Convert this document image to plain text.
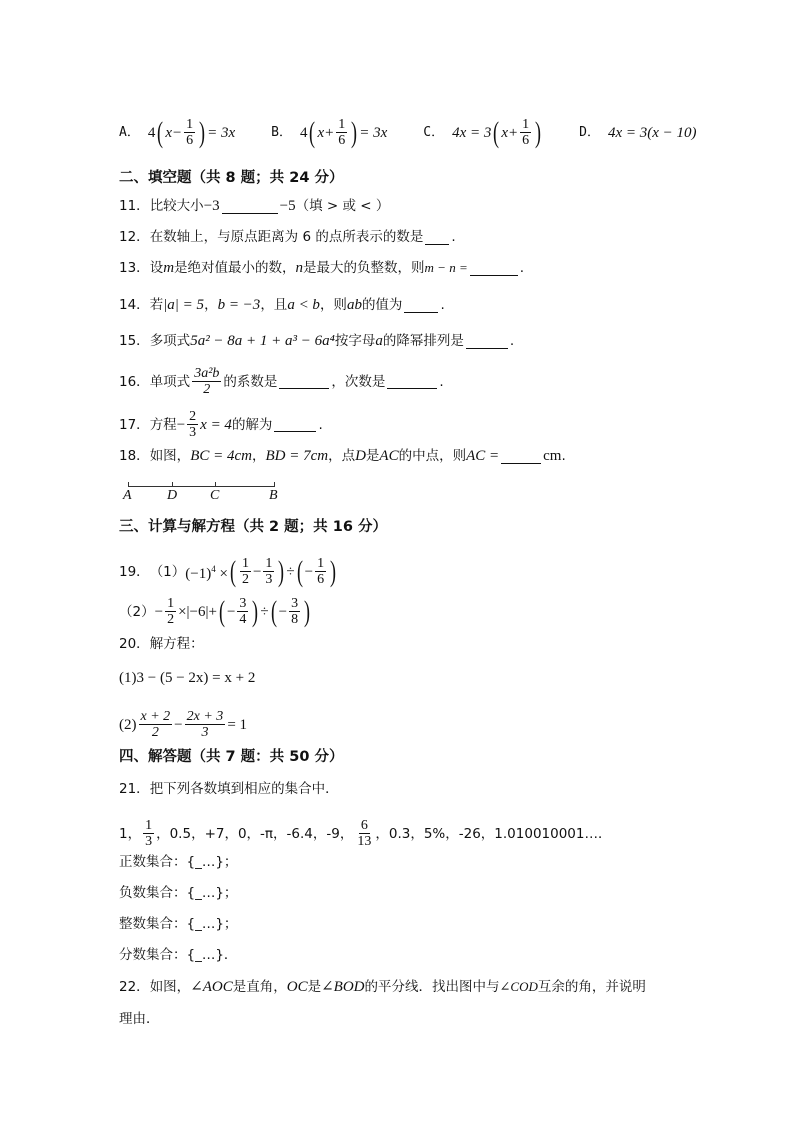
A． 4 ( $x- \frac{1}{6}$ ) = 3x	B． 4 ( $x+ \frac{1}{6}$ ) = 3x	C． 4x = 3 ( $x+ \frac{1}{6}$ )	D． 4x = 3(x − 10)
二、填空题（共 8 题；共 24 分）
11． 比较大小 −3	−5 （填 > 或 < ）
12． 在数轴上，与原点距离为 6 的点所表示的数是 .
13． 设 m 是绝对值最小的数， n 是最大的负整数，则 m − n =	.
14． 若 |a| = 5 ， b = −3 ，且 a < b ，则 ab 的值为	.
15． 多项式 5a² − 8a + 1 + a³ − 6a⁴ 按字母 a 的降幂排列是	.
16． 单项式 $\frac{\text{3a²b}}{2}$ 的系数是	，次数是	.
17． 方程 − $\frac{2}{3}$ x = 4 的解为	.
18． 如图， BC = 4cm ， BD = 7cm ，点 D 是 AC 的中点，则 AC =	cm .
A	D C	B
三、计算与解方程（共 2 题；共 16 分）
19． （1） $(-1)^4$ × ( $\frac{1}{2} - \frac{1}{3}$ ) ÷ ( − $\frac{1}{6}$ )
$(2) - \frac{1}{2} \times|-6|+$ ( − $\frac{3}{4}$ ) ÷ ( − $\frac{3}{8}$ )
20． 解方程：
(1)3 − (5 − 2x) = x + 2
$(2) \frac{x + 2}{2} - \frac{2x + 3}{3} = 1$
四、解答题（共 7 题：共 50 分）
21． 把下列各数填到相应的集合中．
1， $\frac{1}{3}$ ，0.5，+7，0，-π，-6.4，-9， $\frac{6}{13}$ ，0.3，5%，-26，1.010010001…．
正数集合： {_…}；
负数集合： {_…}；
整数集合： {_…}；
分数集合： {_…}．
22． 如图， ∠AOC 是直角， OC 是 ∠BOD 的平分线．找出图中与 ∠COD 互余的角，并说明
理由．
